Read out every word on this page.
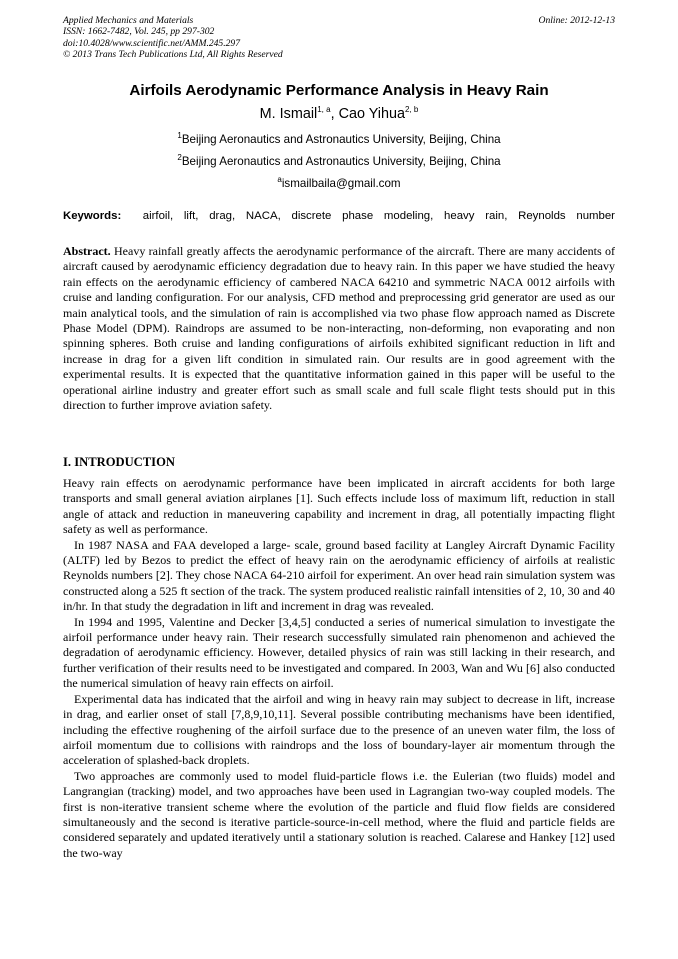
Applied Mechanics and Materials
ISSN: 1662-7482, Vol. 245, pp 297-302
doi:10.4028/www.scientific.net/AMM.245.297
© 2013 Trans Tech Publications Ltd, All Rights Reserved
Online: 2012-12-13
Airfoils Aerodynamic Performance Analysis in Heavy Rain
M. Ismail$^{1, a}$, Cao Yihua$^{2, b}$
$^1$Beijing Aeronautics and Astronautics University, Beijing, China
$^2$Beijing Aeronautics and Astronautics University, Beijing, China
$^a$ismailbaila@gmail.com
Keywords: airfoil, lift, drag, NACA, discrete phase modeling, heavy rain, Reynolds number

Abstract. Heavy rainfall greatly affects the aerodynamic performance of the aircraft. There are many accidents of aircraft caused by aerodynamic efficiency degradation due to heavy rain. In this paper we have studied the heavy rain effects on the aerodynamic efficiency of cambered NACA 64210 and symmetric NACA 0012 airfoils with cruise and landing configuration. For our analysis, CFD method and preprocessing grid generator are used as our main analytical tools, and the simulation of rain is accomplished via two phase flow approach named as Discrete Phase Model (DPM). Raindrops are assumed to be non-interacting, non-deforming, non evaporating and non spinning spheres. Both cruise and landing configurations of airfoils exhibited significant reduction in lift and increase in drag for a given lift condition in simulated rain. Our results are in good agreement with the experimental results. It is expected that the quantitative information gained in this paper will be useful to the operational airline industry and greater effort such as small scale and full scale flight tests should put in this direction to further improve aviation safety.

I. INTRODUCTION

Heavy rain effects on aerodynamic performance have been implicated in aircraft accidents for both large transports and small general aviation airplanes [1]. Such effects include loss of maximum lift, reduction in stall angle of attack and reduction in maneuvering capability and increment in drag, all potentially impacting flight safety as well as performance.

In 1987 NASA and FAA developed a large- scale, ground based facility at Langley Aircraft Dynamic Facility (ALTF) led by Bezos to predict the effect of heavy rain on the aerodynamic efficiency of airfoils at realistic Reynolds numbers [2]. They chose NACA 64-210 airfoil for experiment. An over head rain simulation system was constructed along a 525 ft section of the track. The system produced realistic rainfall intensities of 2, 10, 30 and 40 in/hr. In that study the degradation in lift and increment in drag was revealed.

In 1994 and 1995, Valentine and Decker [3,4,5] conducted a series of numerical simulation to investigate the airfoil performance under heavy rain. Their research successfully simulated rain phenomenon and achieved the degradation of aerodynamic efficiency. However, detailed physics of rain was still lacking in their research, and further verification of their results need to be investigated and compared. In 2003, Wan and Wu [6] also conducted the numerical simulation of heavy rain effects on airfoil.

Experimental data has indicated that the airfoil and wing in heavy rain may subject to decrease in lift, increase in drag, and earlier onset of stall [7,8,9,10,11]. Several possible contributing mechanisms have been identified, including the effective roughening of the airfoil surface due to the presence of an uneven water film, the loss of airfoil momentum due to collisions with raindrops and the loss of boundary-layer air momentum through the acceleration of splashed-back droplets.

Two approaches are commonly used to model fluid-particle flows i.e. the Eulerian (two fluids) model and Langrangian (tracking) model, and two approaches have been used in Lagrangian two-way coupled models. The first is non-iterative transient scheme where the evolution of the particle and fluid flow fields are considered simultaneously and the second is iterative particle-source-in-cell method, where the fluid and particle fields are considered separately and updated iteratively until a stationary solution is reached. Calarese and Hankey [12] used the two-way
